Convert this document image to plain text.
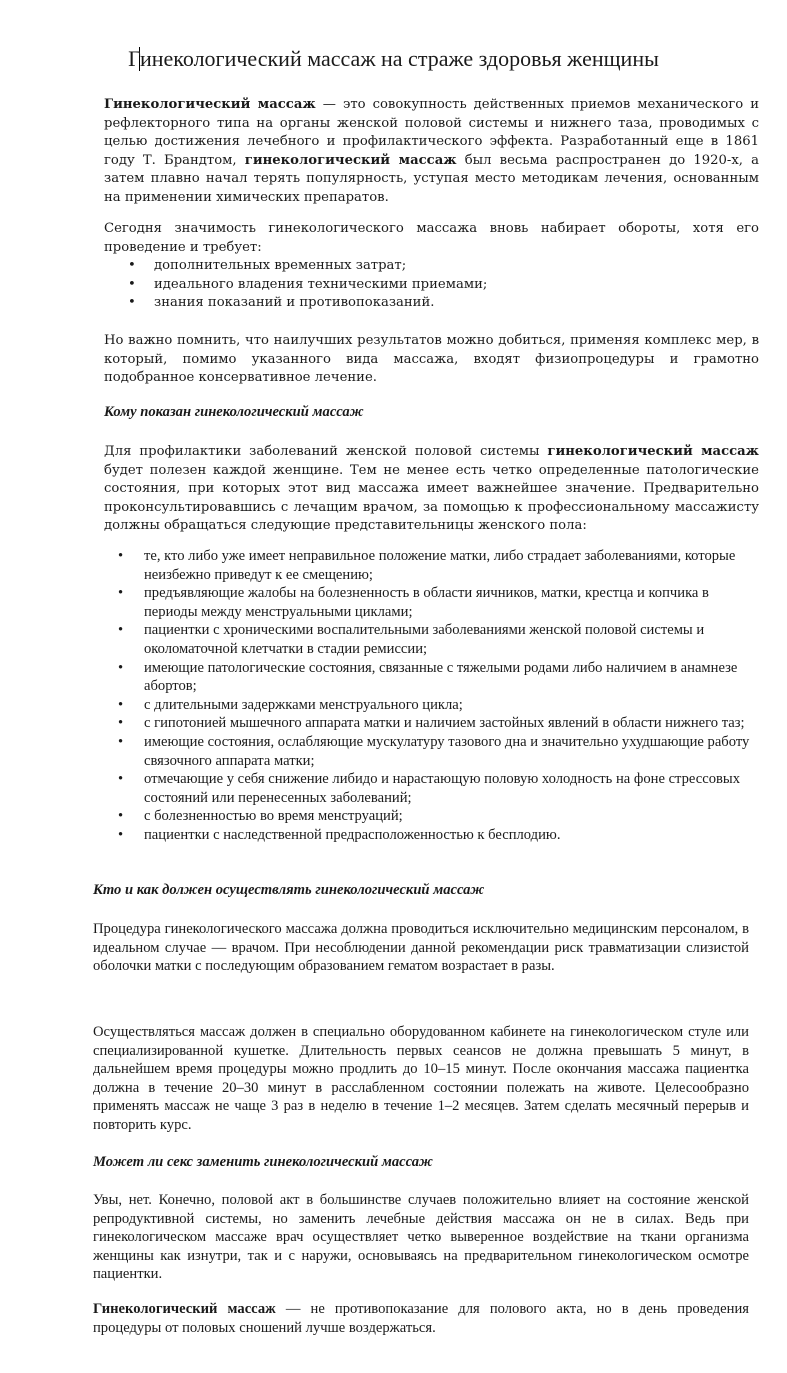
Гинекологический массаж на страже здоровья женщины

Гинекологический массаж — это совокупность действенных приемов механического и рефлекторного типа на органы женской половой системы и нижнего таза, проводимых с целью достижения лечебного и профилактического эффекта. Разработанный еще в 1861 году Т. Брандтом, гинекологический массаж был весьма распространен до 1920-х, а затем плавно начал терять популярность, уступая место методикам лечения, основанным на применении химических препаратов.

Сегодня значимость гинекологического массажа вновь набирает обороты, хотя его проведение и требует:

• дополнительных временных затрат;
• идеального владения техническими приемами;
• знания показаний и противопоказаний.

Но важно помнить, что наилучших результатов можно добиться, применяя комплекс мер, в который, помимо указанного вида массажа, входят физиопроцедуры и грамотно подобранное консервативное лечение.

Кому показан гинекологический массаж

Для профилактики заболеваний женской половой системы гинекологический массаж будет полезен каждой женщине. Тем не менее есть четко определенные патологические состояния, при которых этот вид массажа имеет важнейшее значение. Предварительно проконсультировавшись с лечащим врачом, за помощью к профессиональному массажисту должны обращаться следующие представительницы женского пола:

• те, кто либо уже имеет неправильное положение матки, либо страдает заболеваниями, которые неизбежно приведут к ее смещению;
• предъявляющие жалобы на болезненность в области яичников, матки, крестца и копчика в периоды между менструальными циклами;
• пациентки с хроническими воспалительными заболеваниями женской половой системы и околоматочной клетчатки в стадии ремиссии;
• имеющие патологические состояния, связанные с тяжелыми родами либо наличием в анамнезе абортов;
• с длительными задержками менструального цикла;
• с гипотонией мышечного аппарата матки и наличием застойных явлений в области нижнего таз;
• имеющие состояния, ослабляющие мускулатуру тазового дна и значительно ухудшающие работу связочного аппарата матки;
• отмечающие у себя снижение либидо и нарастающую половую холодность на фоне стрессовых состояний или перенесенных заболеваний;
• с болезненностью во время менструаций;
• пациентки с наследственной предрасположенностью к бесплодию.
Кто и как должен осуществлять гинекологический массаж

Процедура гинекологического массажа должна проводиться исключительно медицинским персоналом, в идеальном случае — врачом. При несоблюдении данной рекомендации риск травматизации слизистой оболочки матки с последующим образованием гематом возрастает в разы.

Осуществляться массаж должен в специально оборудованном кабинете на гинекологическом стуле или специализированной кушетке. Длительность первых сеансов не должна превышать 5 минут, в дальнейшем время процедуры можно продлить до 10–15 минут. После окончания массажа пациентка должна в течение 20–30 минут в расслабленном состоянии полежать на животе. Целесообразно применять массаж не чаще 3 раз в неделю в течение 1–2 месяцев. Затем сделать месячный перерыв и повторить курс.

Может ли секс заменить гинекологический массаж

Увы, нет. Конечно, половой акт в большинстве случаев положительно влияет на состояние женской репродуктивной системы, но заменить лечебные действия массажа он не в силах. Ведь при гинекологическом массаже врач осуществляет четко выверенное воздействие на ткани организма женщины как изнутри, так и с наружи, основываясь на предварительном гинекологическом осмотре пациентки.

Гинекологический массаж — не противопоказание для полового акта, но в день проведения процедуры от половых сношений лучше воздержаться.
